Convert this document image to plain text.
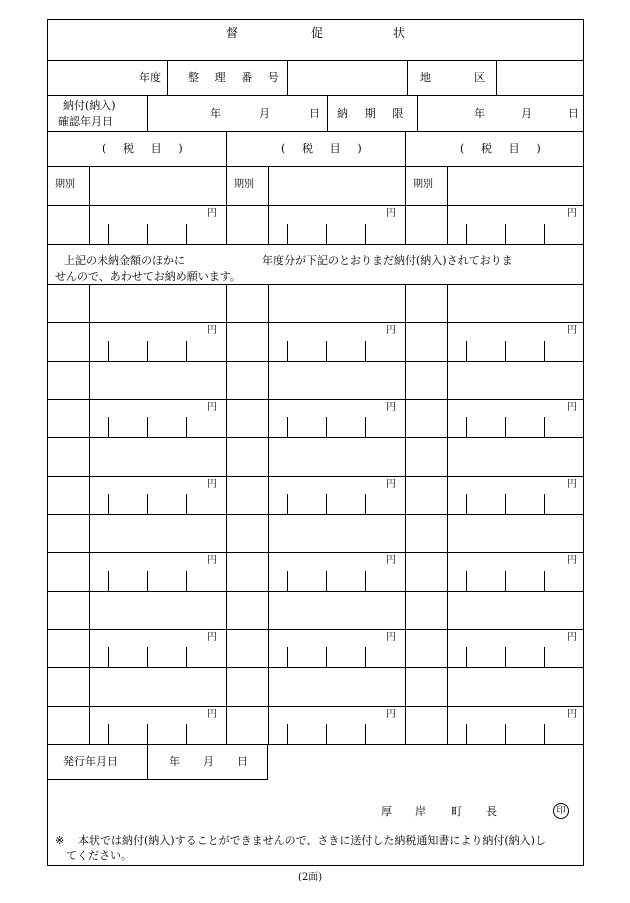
督	促	状
年度 整 理 番 号	地	区
納付(納入)
確認年月日
年	月	日 納 期 限	年	月	日
( 税 目 )	( 税 目 )	( 税 目 )
期別	期別	期別
円	円	円
上記の未納金額のほかに　　　　　　　年度分が下記のとおりまだ納付(納入)されておりま
せんので、あわせてお納め願います。
円	円	円
円	円	円
円	円	円
円	円	円
円	円	円
円	円	円
発行年月日	年 月 日
厚 岸 町 長	印
※ 本状では納付(納入)することができませんので、さきに送付した納税通知書により納付(納入)し
てください。
(2面)
